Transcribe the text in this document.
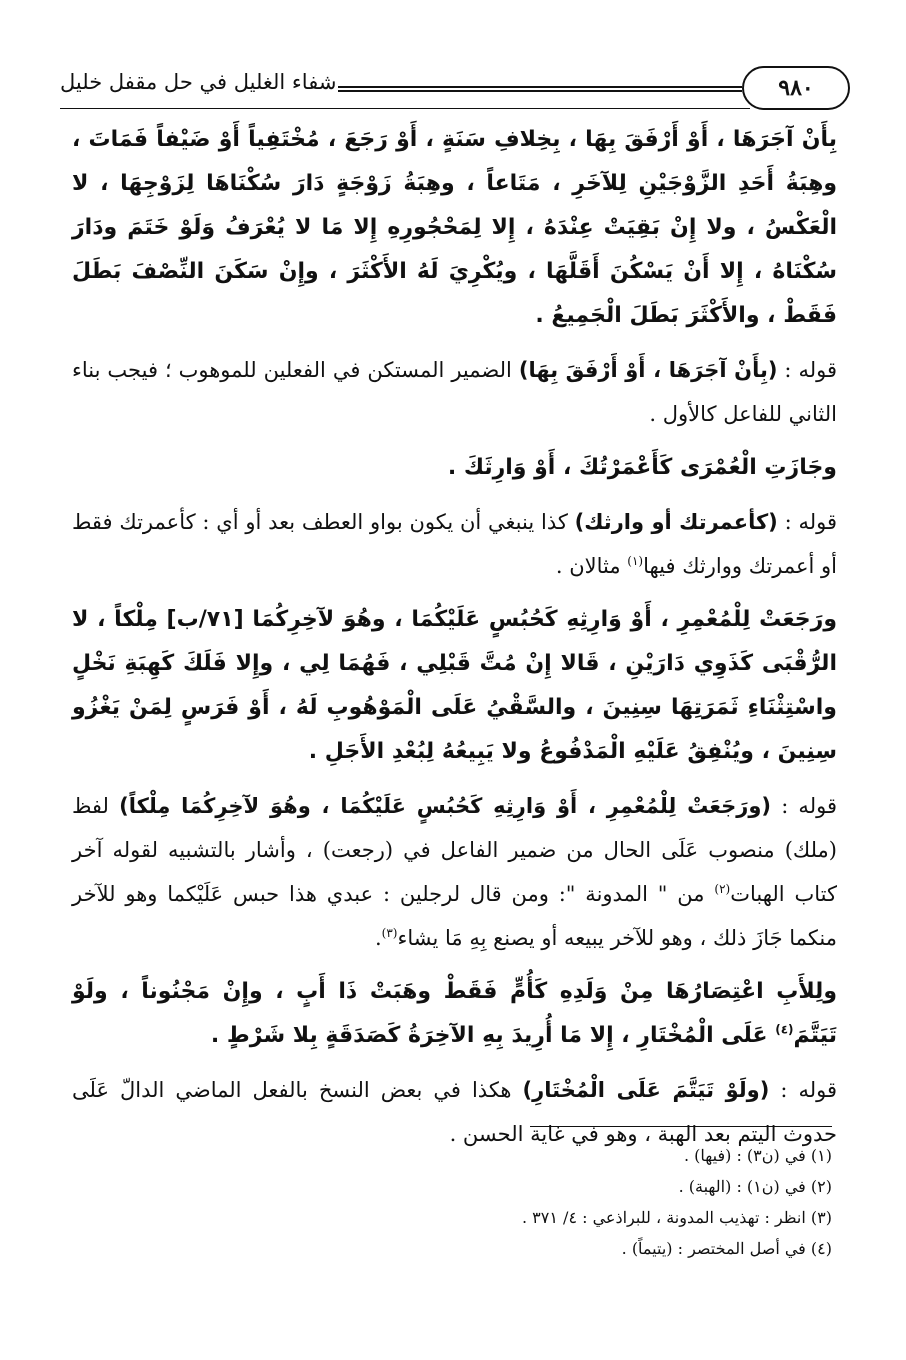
٩٨٠
شفاء الغليل في حل مقفل خليل

بِأَنْ آجَرَهَا ، أَوْ أَرْفَقَ بِهَا ، بِخِلافِ سَنَةٍ ، أَوْ رَجَعَ ، مُخْتَفِياً أَوْ ضَيْفاً فَمَاتَ ، وهِبَةُ أَحَدِ الزَّوْجَيْنِ لِلآخَرِ ، مَتَاعاً ، وهِبَةُ زَوْجَةٍ دَارَ سُكْنَاهَا لِزَوْجِهَا ، لا الْعَكْسُ ، ولا إِنْ بَقِيَتْ عِنْدَهُ ، إِلا لِمَحْجُورِهِ إِلا مَا لا يُعْرَفُ وَلَوْ خَتَمَ ودَارَ سُكْنَاهُ ، إِلا أَنْ يَسْكُنَ أَقَلَّهَا ، ويُكْرِيَ لَهُ الأَكْثَرَ ، وإِنْ سَكَنَ النِّصْفَ بَطَلَ فَقَطْ ، والأَكْثَرَ بَطَلَ الْجَمِيعُ .

قوله : (بِأَنْ آجَرَهَا ، أَوْ أَرْفَقَ بِهَا) الضمير المستكن في الفعلين للموهوب ؛ فيجب بناء الثاني للفاعل كالأول .

وجَازَتِ الْعُمْرَى كَأَعْمَرْتُكَ ، أَوْ وَارِثَكَ .

قوله : (كأعمرتك أو وارثك) كذا ينبغي أن يكون بواو العطف بعد أو أي : كأعمرتك فقط أو أعمرتك ووارثك فيها$^{(١)}$ مثالان .

ورَجَعَتْ لِلْمُعْمِرِ ، أَوْ وَارِثِهِ كَحُبُسٍ عَلَيْكُمَا ، وهُوَ لآخِرِكُمَا [٧١/ب] مِلْكاً ، لا الرُّقْبَى كَذَوِي دَارَيْنِ ، قَالا إِنْ مُتَّ قَبْلِي ، فَهُمَا لِي ، وإِلا فَلَكَ كَهِبَةِ نَخْلٍ واسْتِثْنَاءِ ثَمَرَتِهَا سِنِينَ ، والسَّقْيُ عَلَى الْمَوْهُوبِ لَهُ ، أَوْ فَرَسٍ لِمَنْ يَغْزُو سِنِينَ ، ويُنْفِقُ عَلَيْهِ الْمَدْفُوعُ ولا يَبِيعُهُ لِبُعْدِ الأَجَلِ .

قوله : (ورَجَعَتْ لِلْمُعْمِرِ ، أَوْ وَارِثِهِ كَحُبُسٍ عَلَيْكُمَا ، وهُوَ لآخِرِكُمَا مِلْكاً) لفظ (ملك) منصوب عَلَى الحال من ضمير الفاعل في (رجعت) ، وأشار بالتشبيه لقوله آخر كتاب الهبات$^{(٢)}$ من " المدونة ": ومن قال لرجلين : عبدي هذا حبس عَلَيْكما وهو للآخر منكما جَازَ ذلك ، وهو للآخر يبيعه أو يصنع بِهِ مَا يشاء$^{(٣)}$.

ولِلأَبِ اعْتِصَارُهَا مِنْ وَلَدِهِ كَأُمٍّ فَقَطْ وهَبَتْ ذَا أَبٍ ، وإِنْ مَجْنُوناً ، ولَوْ تَيَتَّمَ$^{(٤)}$ عَلَى الْمُخْتَارِ ، إِلا مَا أُرِيدَ بِهِ الآخِرَةُ كَصَدَقَةٍ بِلا شَرْطٍ .

قوله : (ولَوْ تَيَتَّمَ عَلَى الْمُخْتَارِ) هكذا في بعض النسخ بالفعل الماضي الدالّ عَلَى حدوث اليتم بعد الهبة ، وهو في غاية الحسن .

(١) في (ن٣) : (فيها) .
(٢) في (ن١) : (الهبة) .
(٣) انظر : تهذيب المدونة ، للبراذعي : ٤/ ٣٧١ .
(٤) في أصل المختصر : (يتيماً) .
